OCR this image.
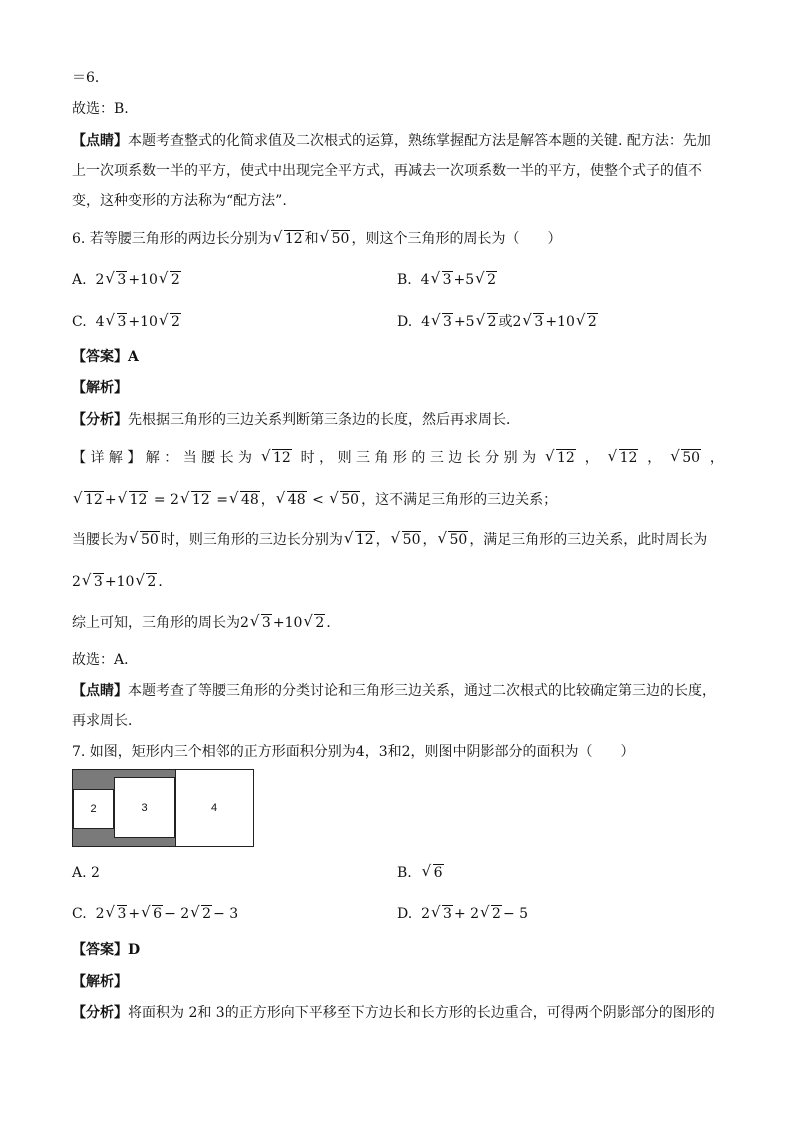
＝6．
故选：B.
【点睛】本题考查整式的化简求值及二次根式的运算，熟练掌握配方法是解答本题的关键. 配方法：先加
上一次项系数一半的平方，使式中出现完全平方式，再减去一次项系数一半的平方，使整个式子的值不
变，这种变形的方法称为“配方法”.
6. 若等腰三角形的两边长分别为 √ 12 和 √ 50 ，则这个三角形的周长为（　　）
A. 2 √ 3 +10 √ 2	B. 4 √ 3 +5 √ 2
C. 4 √ 3 +10 √ 2	D. 4 √ 3 +5 √ 2 或2 √ 3 +10 √ 2
【答案】A
【解析】
【分析】先根据三角形的三边关系判断第三条边的长度，然后再求周长．
【 详 解 】 解 ： 当 腰 长 为	√ 12 时 ， 则 三 角 形 的 三 边 长 分 别 为	√ 12 ，	√ 12 ，	√ 50 ，
√ 12 + √ 12 = 2 √ 12 = √ 48 ， √ 48 < √ 50 ，这不满足三角形的三边关系；
当腰长为 √ 50 时，则三角形的三边长分别为 √ 12 ， √ 50 ， √ 50 ，满足三角形的三边关系，此时周长为
2 √ 3 +10 √ 2 ．
综上可知，三角形的周长为2 √ 3 +10 √ 2 ．
故选：A．
【点睛】本题考查了等腰三角形的分类讨论和三角形三边关系，通过二次根式的比较确定第三边的长度，
再求周长．
7. 如图，矩形内三个相邻的正方形面积分别为4，3和2，则图中阴影部分的面积为（　　）
2	3	4
A. 2	B. √ 6
C. 2 √ 3 + √ 6 − 2 √ 2 − 3	D. 2 √ 3 + 2 √ 2 − 5
【答案】D
【解析】
【分析】将面积为 2和 3的正方形向下平移至下方边长和长方形的长边重合，可得两个阴影部分的图形的
